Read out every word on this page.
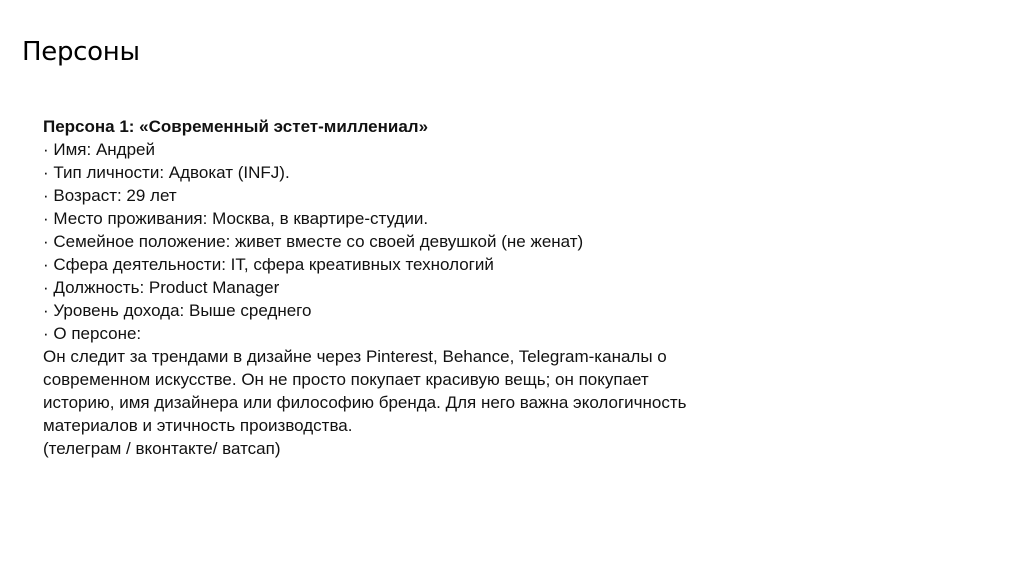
Персоны

Персона 1: «Современный эстет-миллениал»

· Имя: Андрей

· Тип личности: Адвокат (INFJ).

· Возраст: 29 лет

· Место проживания: Москва, в квартире-студии.

· Семейное положение: живет вместе со своей девушкой (не женат)

· Сфера деятельности: IT, сфера креативных технологий

· Должность: Product Manager

· Уровень дохода: Выше среднего

· О персоне:

Он следит за трендами в дизайне через Pinterest, Behance, Telegram-каналы о
современном искусстве. Он не просто покупает красивую вещь; он покупает
историю, имя дизайнера или философию бренда. Для него важна экологичность
материалов и этичность производства.

(телеграм / вконтакте/ ватсап)
